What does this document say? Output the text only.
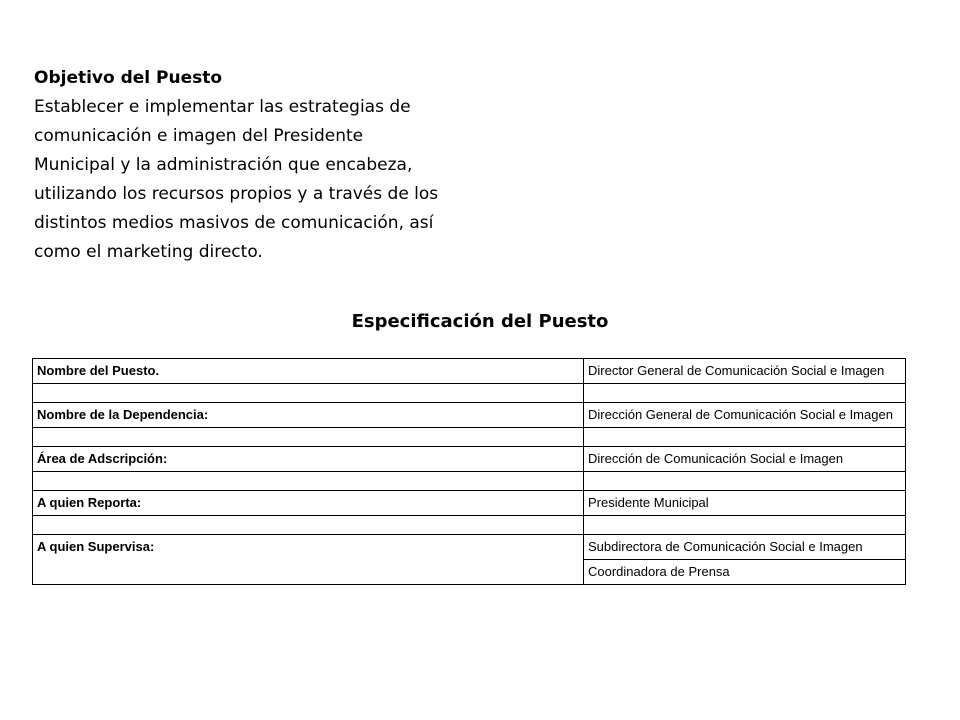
Objetivo del Puesto
Establecer e implementar las estrategias de
comunicación e imagen del Presidente
Municipal y la administración que encabeza,
utilizando los recursos propios y a través de los
distintos medios masivos de comunicación, así
como el marketing directo.
Especificación del Puesto
Nombre del Puesto.	Director General de Comunicación Social e Imagen

Nombre de la Dependencia:	Dirección General de Comunicación Social e Imagen

Área de Adscripción:	Dirección de Comunicación Social e Imagen

A quien Reporta:	Presidente Municipal

A quien Supervisa:	Subdirectora de Comunicación Social e Imagen
	Coordinadora de Prensa
